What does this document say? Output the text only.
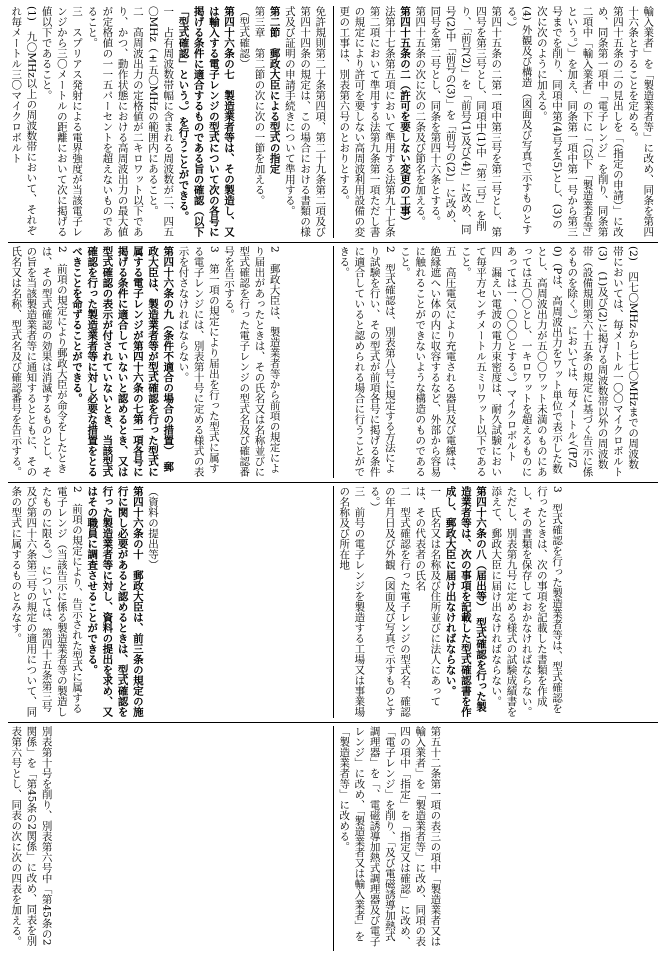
輸入業者」を「製造業者等」に改め、同条を第四十六条とすることを定める。

第四十五条の二の見出しを「（指定の申請）」に改め、同条第一項中「電子レンジ」を削り、同条第二項中「輸入業者」の下に「（以下「製造業者等」という。）」を加え、同条第一項中第一号から第三号までを削り、同項中第(4)号を(5)とし、(3)の次に次のように加える。

(4) 外観及び構造（図面及び写真で示すものとする。）

第四十五条の二第一項中第三号を第二号とし、第四号を第三号とし、同項中(1)中「第二号」を削り、「前号(2)」を「前号(1)及び(4)」に改め、同号(2)中「前号の(3)」を「前号の(2)」に改め、同号を第二号とし、同条を第四十六条とする。

第四十五条の次に次の二条及び節名を加える。

第四十五条の二（許可を要しない変更の工事）

法第十七条第五項において準用する法第九十七条第二項において準用する法第九条第一項ただし書の規定により許可を要しない高周波利用設備の変更の工事は、別表第六号のとおりとする。

免許規則第二十条第四項、第二十九条第二項及び第四十四条の規定は、この場合における書類の様式及び証明の申請手続きについて準用する。

第二節　郵政大臣による型式の指定

第三章　第二節の次に次の一節を加える。

（型式確認）

第四十六条の七　製造業者等は、その製造し、又は輸入する電子レンジの型式について次の各号に掲げる条件に適合するものである旨の確認（以下「型式確認」という。）を行うことができる。

一　占有周波数帯幅に含まれる周波数が二、四五〇MHz（±五〇MHzの範囲内にあること。

二　高周波出力の定格値が二キロワット以下であり、かつ、動作状態における高周波出力の最大値が定格値の一一五パーセントを超えないものであること。

三　スプリアス発射による電界強度が当該電子レンジから三〇メートルの距離において次に掲げる値以下であること。

(1)　九〇MHz以上の周波数帯において、それぞれ毎メートル三〇マイクロボルト

(2)　四七〇MHzから七七〇MHzまでの周波数帯においては、毎メートル一〇〇マイクロボルト

(3)　(1)及び(2)に掲げる周波数帯以外の周波数帯（設備規則第六十五条の規定に基づく告示に係るものを除く。）においては、毎メートル√(P/20)（Pは、高周波出力をワット単位で表示した数とし、高周波出力が五〇〇ワット未満のものにあっては五〇〇とし、一キロワットを超えるものにあっては一、〇〇〇とする。）マイクロボルト

四　漏えい電波の電力束密度は、耐久試験において毎平方センチメートル五ミリワット以下であること。

五　高圧電気により充電される器具及び電線は、絶縁遮へい体の内に収容するなど、外部から容易に触れることができないような構造のものであること。

2　型式確認は、別表第八号に規定する方法により試験を行い、その型式が前項各号に掲げる条件に適合していると認められる場合に行うことができる。

2　郵政大臣は、製造業者等から前項の規定により届出があったときは、その氏名又は名称並びに型式確認を行った電子レンジの型式名及び確認番号を告示する。

3　第一項の規定により届出を行った型式に属する電子レンジには、別表第十号に定める様式の表示を付さなければならない。

第四十六条の九（条件不適合の場合の措置）　郵政大臣は、製造業者等が型式確認を行った型式に属する電子レンジが第四十六条の七第一項各号に掲げる条件に適合していないと認めるとき、又は型式確認の表示が付されていないとき、当該型式確認を行った製造業者等に対し必要な措置をとるべきことを命ずることができる。

2　前項の規定により郵政大臣が命令をしたときは、その型式確認の効果は消滅するものとし、その旨を当該製造業者等に通知するとともに、その氏名又は名称、型式名及び確認番号を告示する。

3　型式確認を行った製造業者等は、型式確認を行ったときは、次の事項を記載した書類を作成し、その書類を保存しておかなければならない。ただし、別表第九号に定める様式の試験成績書を添えて、郵政大臣に届け出なければならない。

第四十六条の八（届出等）　型式確認を行った製造業者等は、次の事項を記載した型式確認書を作成し、郵政大臣に届け出なければならない。

一　氏名又は名称及び住所並びに法人にあっては、その代表者の氏名

二　型式確認を行った電子レンジの型式名、確認の年月日及び外観（図面及び写真で示すものとする。）

三　前号の電子レンジを製造する工場又は事業場の名称及び所在地

（資料の提出等）

第四十六条の十　郵政大臣は、前三条の規定の施行に関し必要があると認めるときは、型式確認を行った製造業者等に対し、資料の提出を求め、又はその職員に調査させることができる。

2　前項の規定により、告示された型式に属する電子レンジ（当該告示に係る製造業者等の製造したものに限る。）については、第四十五条第三号及び第四十六条第三号の規定の適用について、同条の型式に属するものとみなす。

第五十二条第一項の表三の項中「製造業者又は輸入業者」を「製造業者等」に改め、同項の表四の項中「指定」を「指定又は確認」に改め、「電子レンジ」を削り、「及び電磁誘導加熱式調理器」を「、電磁誘導加熱式調理器及び電子レンジ」に改め、「製造業者又は輸入業者」を「製造業者等」に改める。

別表第十号を削り、別表第六号中「第45条の2関係」を「第45条の2関係」に改め、同表を別表第六号とし、同表の次に次の四表を加える。
